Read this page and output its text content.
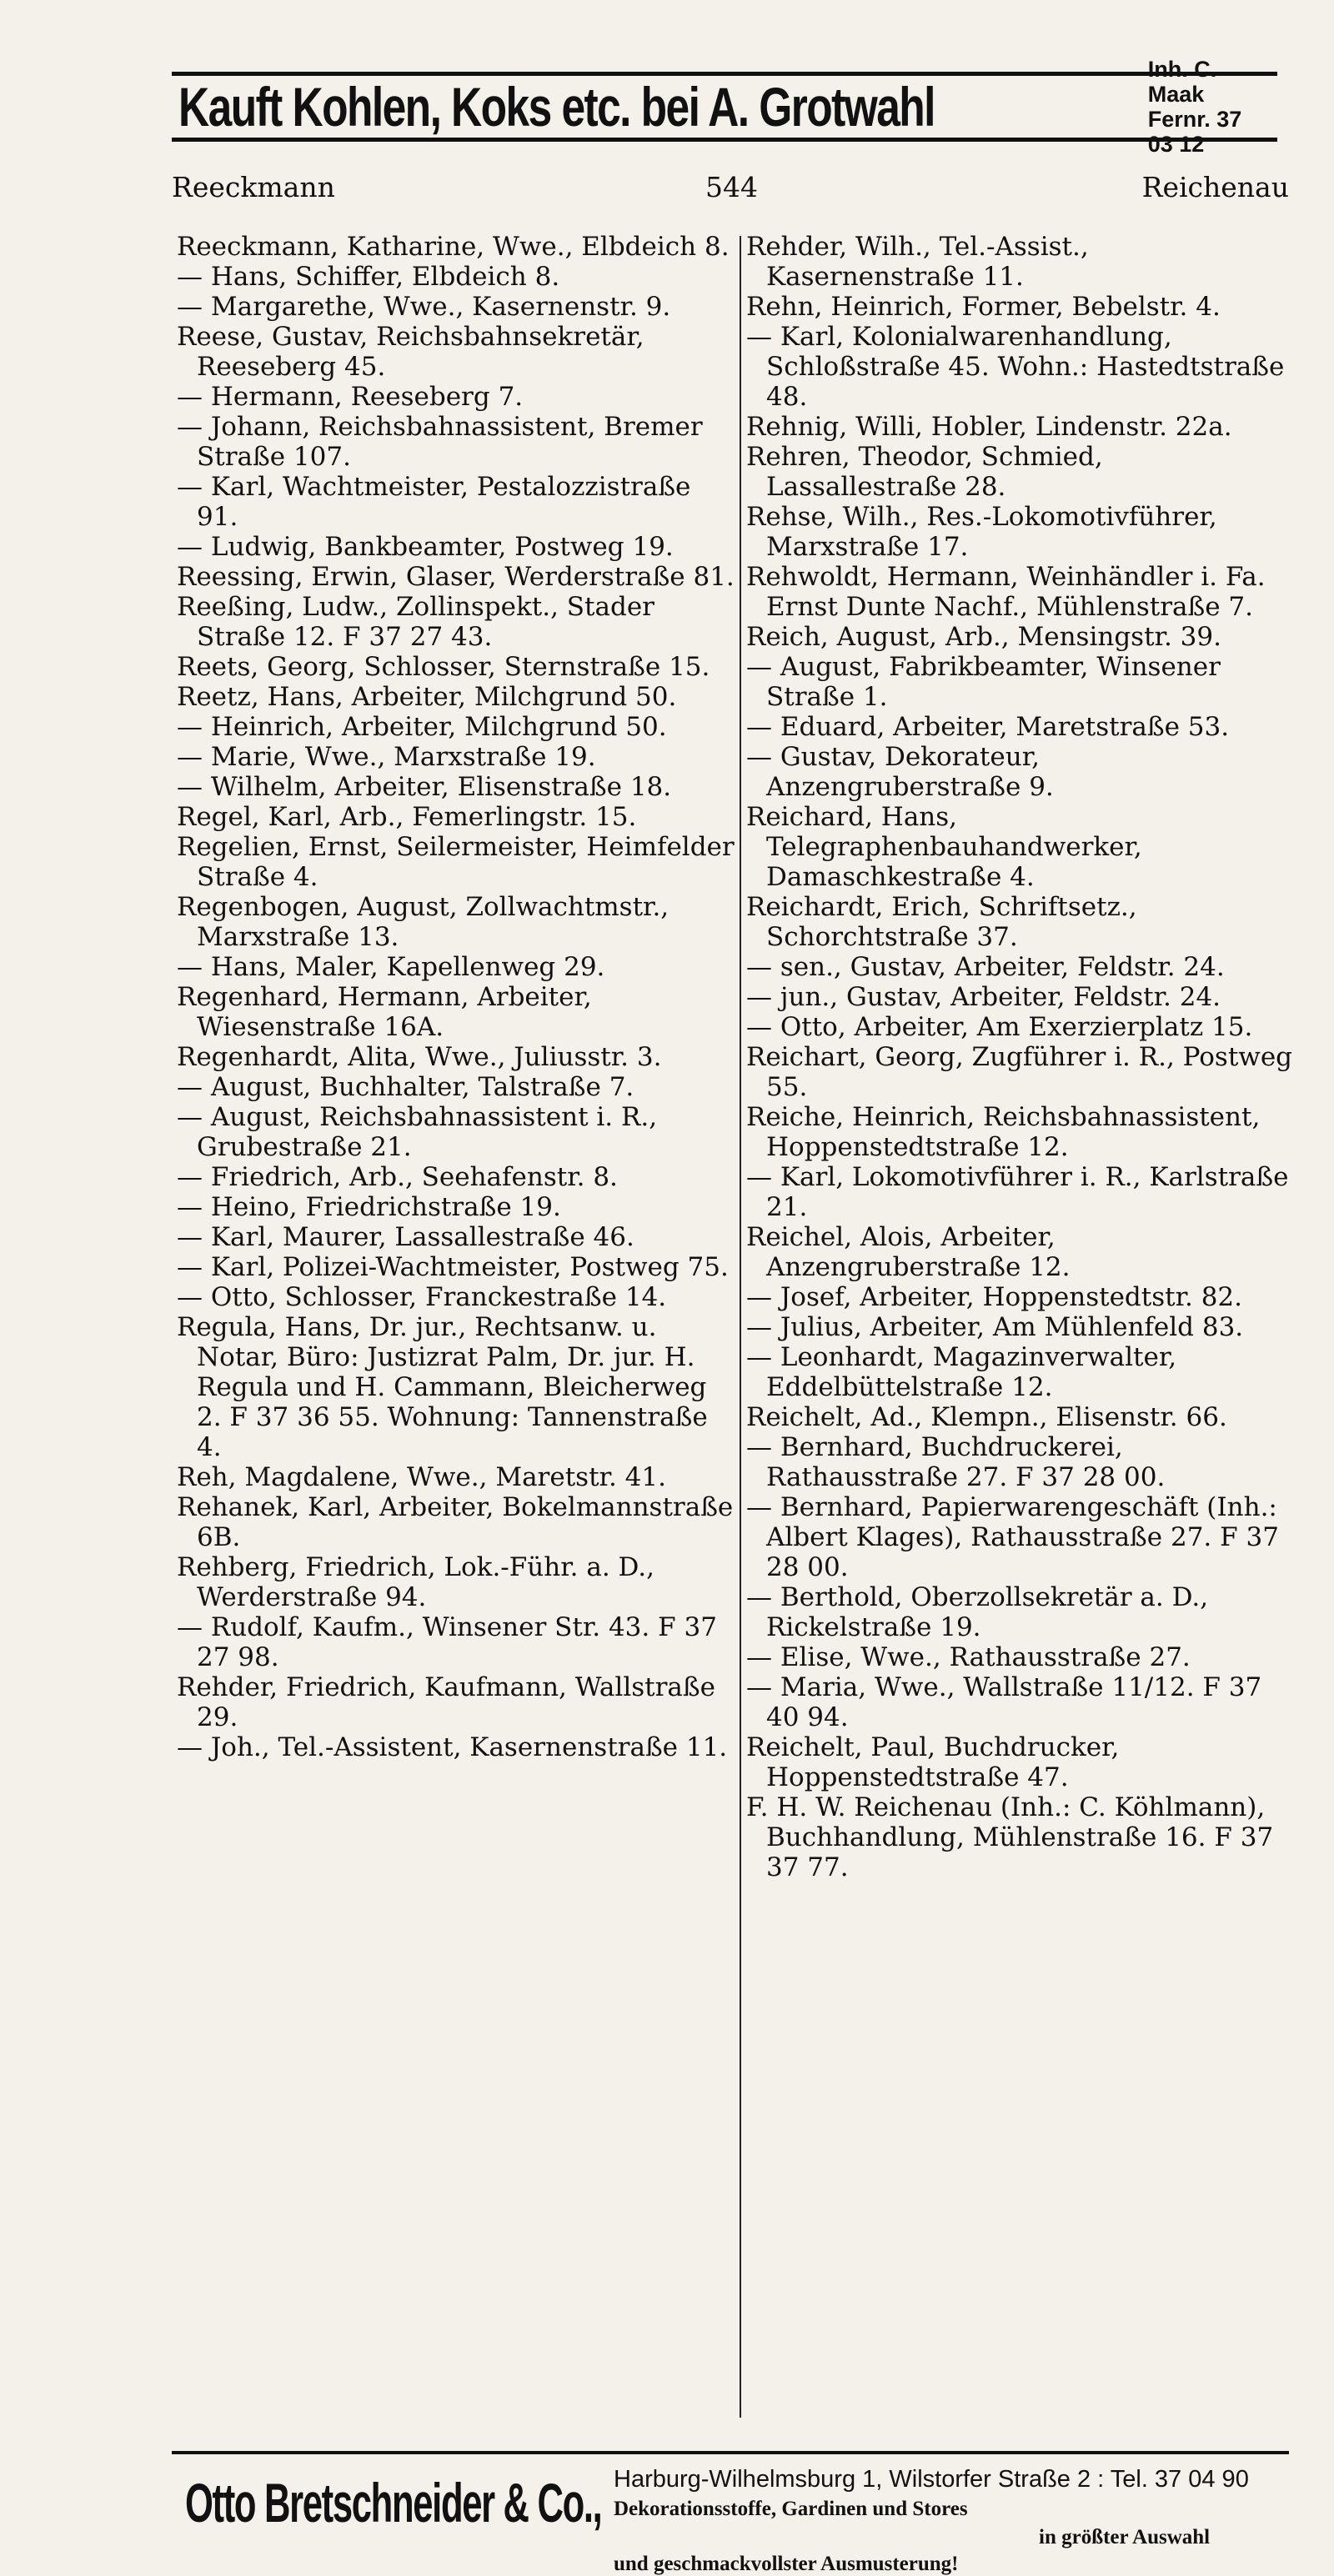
Kauft Kohlen, Koks etc. bei A. Grotwahl
Inh. C. Maak
Fernr. 37 03 12
Reeckmann	544	Reichenau

Reeckmann, Katharine, Wwe., Elbdeich 8.

— Hans, Schiffer, Elbdeich 8.

— Margarethe, Wwe., Kasernenstr. 9.

Reese, Gustav, Reichsbahnsekretär, Reeseberg 45.

— Hermann, Reeseberg 7.

— Johann, Reichsbahnassistent, Bremer Straße 107.

— Karl, Wachtmeister, Pestalozzistraße 91.

— Ludwig, Bankbeamter, Postweg 19.

Reessing, Erwin, Glaser, Werderstraße 81.

Reeßing, Ludw., Zollinspekt., Stader Straße 12. F 37 27 43.

Reets, Georg, Schlosser, Sternstraße 15.

Reetz, Hans, Arbeiter, Milchgrund 50.

— Heinrich, Arbeiter, Milchgrund 50.

— Marie, Wwe., Marxstraße 19.

— Wilhelm, Arbeiter, Elisenstraße 18.

Regel, Karl, Arb., Femerlingstr. 15.

Regelien, Ernst, Seilermeister, Heimfelder Straße 4.

Regenbogen, August, Zollwachtmstr., Marxstraße 13.

— Hans, Maler, Kapellenweg 29.

Regenhard, Hermann, Arbeiter, Wiesenstraße 16A.

Regenhardt, Alita, Wwe., Juliusstr. 3.

— August, Buchhalter, Talstraße 7.

— August, Reichsbahnassistent i. R., Grubestraße 21.

— Friedrich, Arb., Seehafenstr. 8.

— Heino, Friedrichstraße 19.

— Karl, Maurer, Lassallestraße 46.

— Karl, Polizei-Wachtmeister, Postweg 75.

— Otto, Schlosser, Franckestraße 14.

Regula, Hans, Dr. jur., Rechtsanw. u. Notar, Büro: Justizrat Palm, Dr. jur. H. Regula und H. Cammann, Bleicherweg 2. F 37 36 55. Wohnung: Tannenstraße 4.

Reh, Magdalene, Wwe., Maretstr. 41.

Rehanek, Karl, Arbeiter, Bokelmannstraße 6B.

Rehberg, Friedrich, Lok.-Führ. a. D., Werderstraße 94.

— Rudolf, Kaufm., Winsener Str. 43. F 37 27 98.

Rehder, Friedrich, Kaufmann, Wallstraße 29.

— Joh., Tel.-Assistent, Kasernenstraße 11.

Rehder, Wilh., Tel.-Assist., Kasernenstraße 11.

Rehn, Heinrich, Former, Bebelstr. 4.

— Karl, Kolonialwarenhandlung, Schloßstraße 45. Wohn.: Hastedtstraße 48.

Rehnig, Willi, Hobler, Lindenstr. 22a.

Rehren, Theodor, Schmied, Lassallestraße 28.

Rehse, Wilh., Res.-Lokomotivführer, Marxstraße 17.

Rehwoldt, Hermann, Weinhändler i. Fa. Ernst Dunte Nachf., Mühlenstraße 7.

Reich, August, Arb., Mensingstr. 39.

— August, Fabrikbeamter, Winsener Straße 1.

— Eduard, Arbeiter, Maretstraße 53.

— Gustav, Dekorateur, Anzengruberstraße 9.

Reichard, Hans, Telegraphenbauhandwerker, Damaschkestraße 4.

Reichardt, Erich, Schriftsetz., Schorchtstraße 37.

— sen., Gustav, Arbeiter, Feldstr. 24.

— jun., Gustav, Arbeiter, Feldstr. 24.

— Otto, Arbeiter, Am Exerzierplatz 15.

Reichart, Georg, Zugführer i. R., Postweg 55.

Reiche, Heinrich, Reichsbahnassistent, Hoppenstedtstraße 12.

— Karl, Lokomotivführer i. R., Karlstraße 21.

Reichel, Alois, Arbeiter, Anzengruberstraße 12.

— Josef, Arbeiter, Hoppenstedtstr. 82.

— Julius, Arbeiter, Am Mühlenfeld 83.

— Leonhardt, Magazinverwalter, Eddelbüttelstraße 12.

Reichelt, Ad., Klempn., Elisenstr. 66.

— Bernhard, Buchdruckerei, Rathausstraße 27. F 37 28 00.

— Bernhard, Papierwarengeschäft (Inh.: Albert Klages), Rathausstraße 27. F 37 28 00.

— Berthold, Oberzollsekretär a. D., Rickelstraße 19.

— Elise, Wwe., Rathausstraße 27.

— Maria, Wwe., Wallstraße 11/12. F 37 40 94.

Reichelt, Paul, Buchdrucker, Hoppenstedtstraße 47.

F. H. W. Reichenau (Inh.: C. Köhlmann), Buchhandlung, Mühlenstraße 16. F 37 37 77.

Otto Bretschneider & Co., Harburg-Wilhelmsburg 1, Wilstorfer Straße 2 : Tel. 37 04 90
Dekorationsstoffe, Gardinen und Stores
in größter Auswahl
und geschmackvollster Ausmusterung!
